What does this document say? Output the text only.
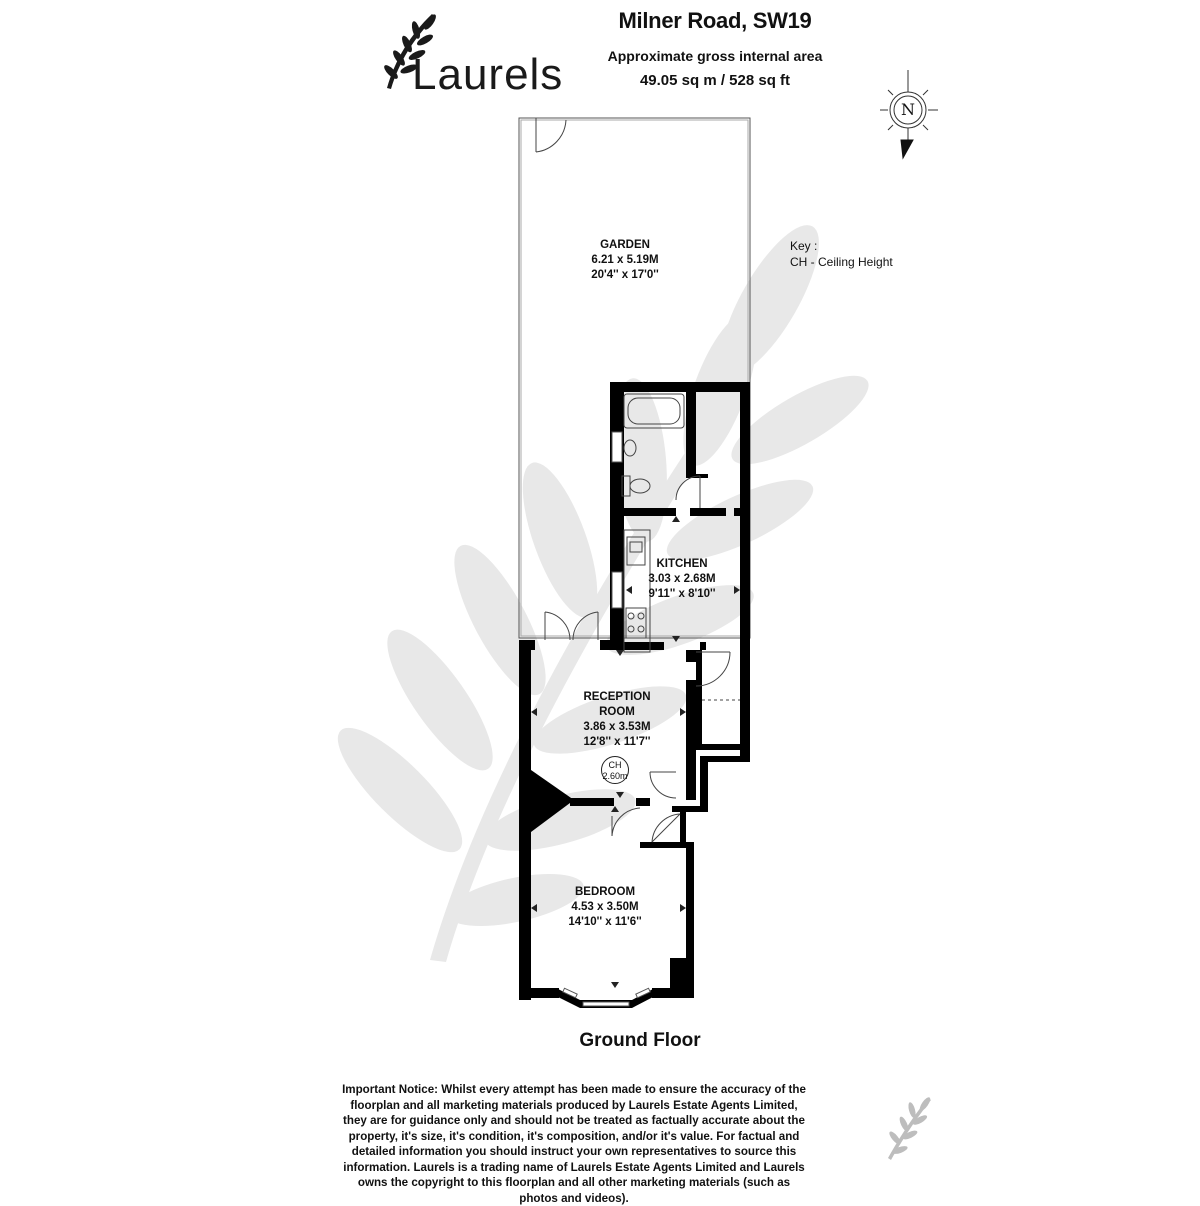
Laurels
Milner Road, SW19
Approximate gross internal area
49.05 sq m / 528 sq ft
N
Key :
CH - Ceiling Height
GARDEN
6.21 x 5.19M
20'4'' x 17'0''
KITCHEN
3.03 x 2.68M
9'11'' x 8'10''
RECEPTION
ROOM
3.86 x 3.53M
12'8'' x 11'7''
CH
2.60m
BEDROOM
4.53 x 3.50M
14'10'' x 11'6''
Ground Floor
Important Notice: Whilst every attempt has been made to ensure the accuracy of the floorplan and all marketing materials produced by Laurels Estate Agents Limited, they are for guidance only and should not be treated as factually accurate about the property, it's size, it's condition, it's composition, and/or it's value. For factual and detailed information you should instruct your own representatives to source this information. Laurels is a trading name of Laurels Estate Agents Limited and Laurels owns the copyright to this floorplan and all other marketing materials (such as photos and videos).
